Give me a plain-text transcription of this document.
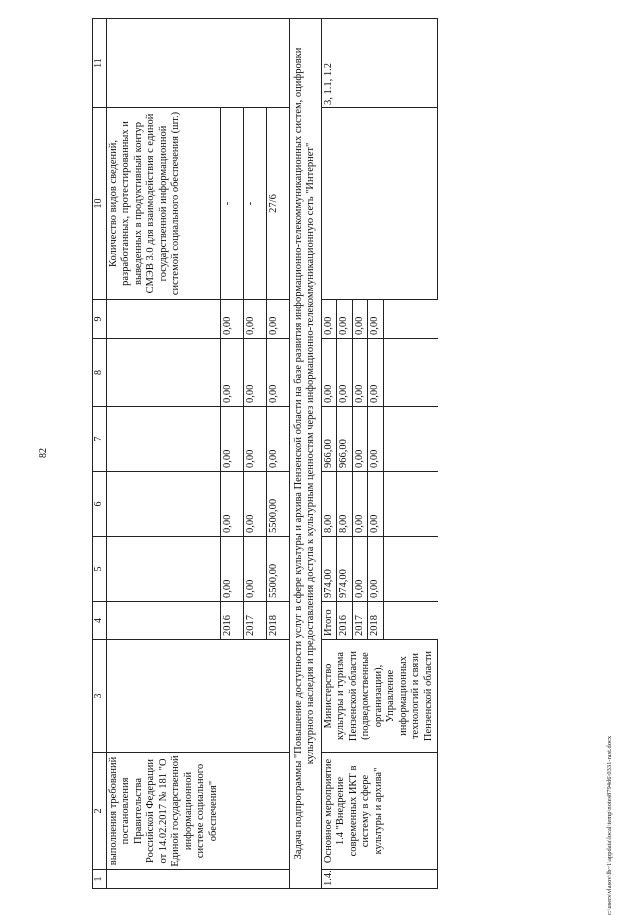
82
1	2	3	4	5	6	7	8	9	10	11
	выполнения требований постановления Правительства Российской Федерации от 14.02.2017 № 181 "О Единой государственной информационной системе социального обеспечения"								Количество видов сведений, разработанных, протестированных и выведенных в продуктивный контур СМЭВ 3.0 для взаимодействия с единой государственной информационной системой социального обеспечения (шт.)	
			2016	0,00	0,00	0,00	0,00	0,00	-	
			2017	0,00	0,00	0,00	0,00	0,00	-	
			2018	5500,00	5500,00	0,00	0,00	0,00	27/6	
Задача подпрограммы "Повышение доступности услуг в сфере культуры и архива Пензенской области на базе развития информационно-телекоммуникационных систем, оцифровки культурного наследия и предоставления доступа к культурным ценностям через информационно-телекоммуникационную сеть "Интернет"										
1.4.	Основное мероприятие 1.4 "Внедрение современных ИКТ в систему в сфере культуры и архива"	Министерство культуры и туризма Пензенской области (подведомственные организации), Управление информационных технологий и связи Пензенской области	Итого	974,00	8,00	966,00	0,00	0,00		3, 1.1, 1.2
			2016	974,00	8,00	966,00	0,00	0,00		
			2017	0,00	0,00	0,00	0,00	0,00		
			2018	0,00	0,00	0,00	0,00	0,00		

c:\users\vlasov\lb~1\appdata\local\temp\notes8794d6\0331-rast.docx
